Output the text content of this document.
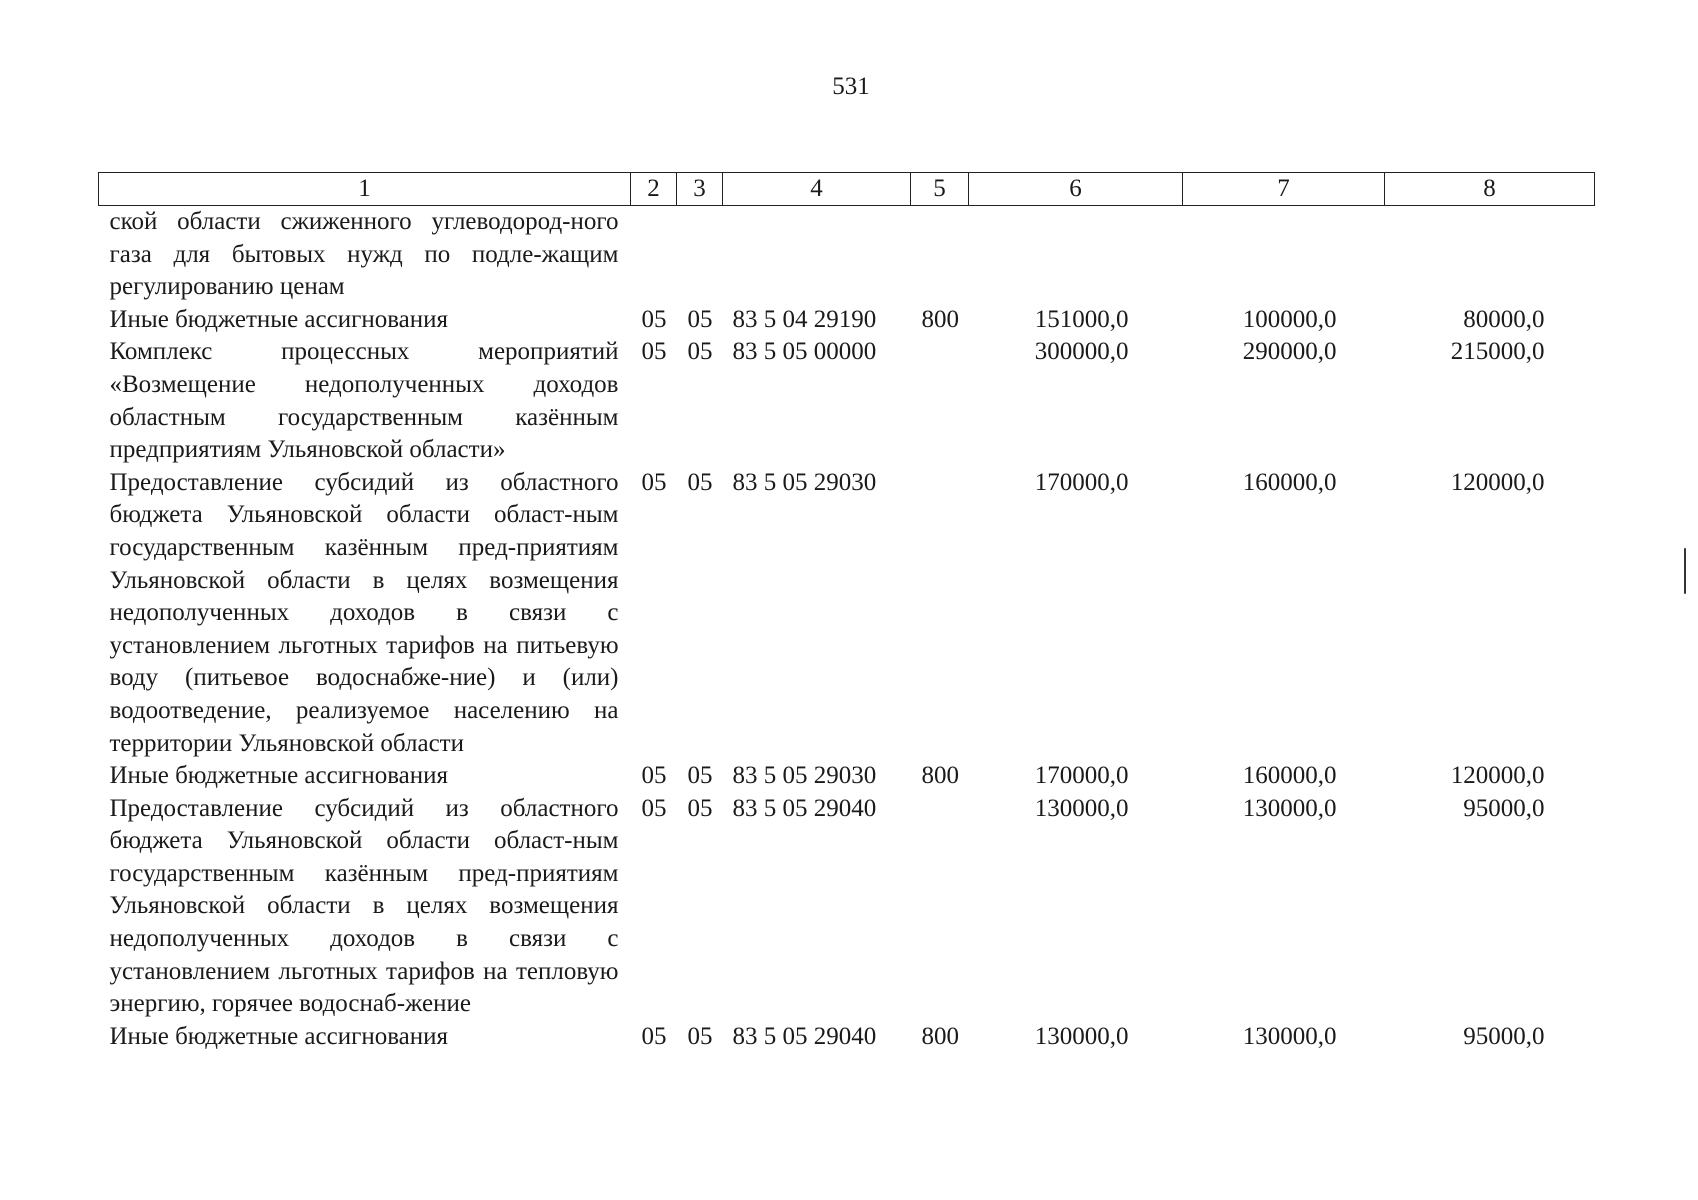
531
1	2	3	4	5	6	7	8
ской области сжиженного углеводород-ного газа для бытовых нужд по подле-жащим регулированию ценам							
Иные бюджетные ассигнования	05	05	83 5 04 29190	800	151000,0	100000,0	80000,0
Комплекс процессных мероприятий «Возмещение недополученных доходов областным государственным казённым предприятиям Ульяновской области»	05	05	83 5 05 00000		300000,0	290000,0	215000,0
Предоставление субсидий из областного бюджета Ульяновской области област-ным государственным казённым пред-приятиям Ульяновской области в целях возмещения недополученных доходов в связи с установлением льготных тарифов на питьевую воду (питьевое водоснабже-ние) и (или) водоотведение, реализуемое населению на территории Ульяновской области	05	05	83 5 05 29030		170000,0	160000,0	120000,0
Иные бюджетные ассигнования	05	05	83 5 05 29030	800	170000,0	160000,0	120000,0
Предоставление субсидий из областного бюджета Ульяновской области област-ным государственным казённым пред-приятиям Ульяновской области в целях возмещения недополученных доходов в связи с установлением льготных тарифов на тепловую энергию, горячее водоснаб-жение	05	05	83 5 05 29040		130000,0	130000,0	95000,0
Иные бюджетные ассигнования	05	05	83 5 05 29040	800	130000,0	130000,0	95000,0
